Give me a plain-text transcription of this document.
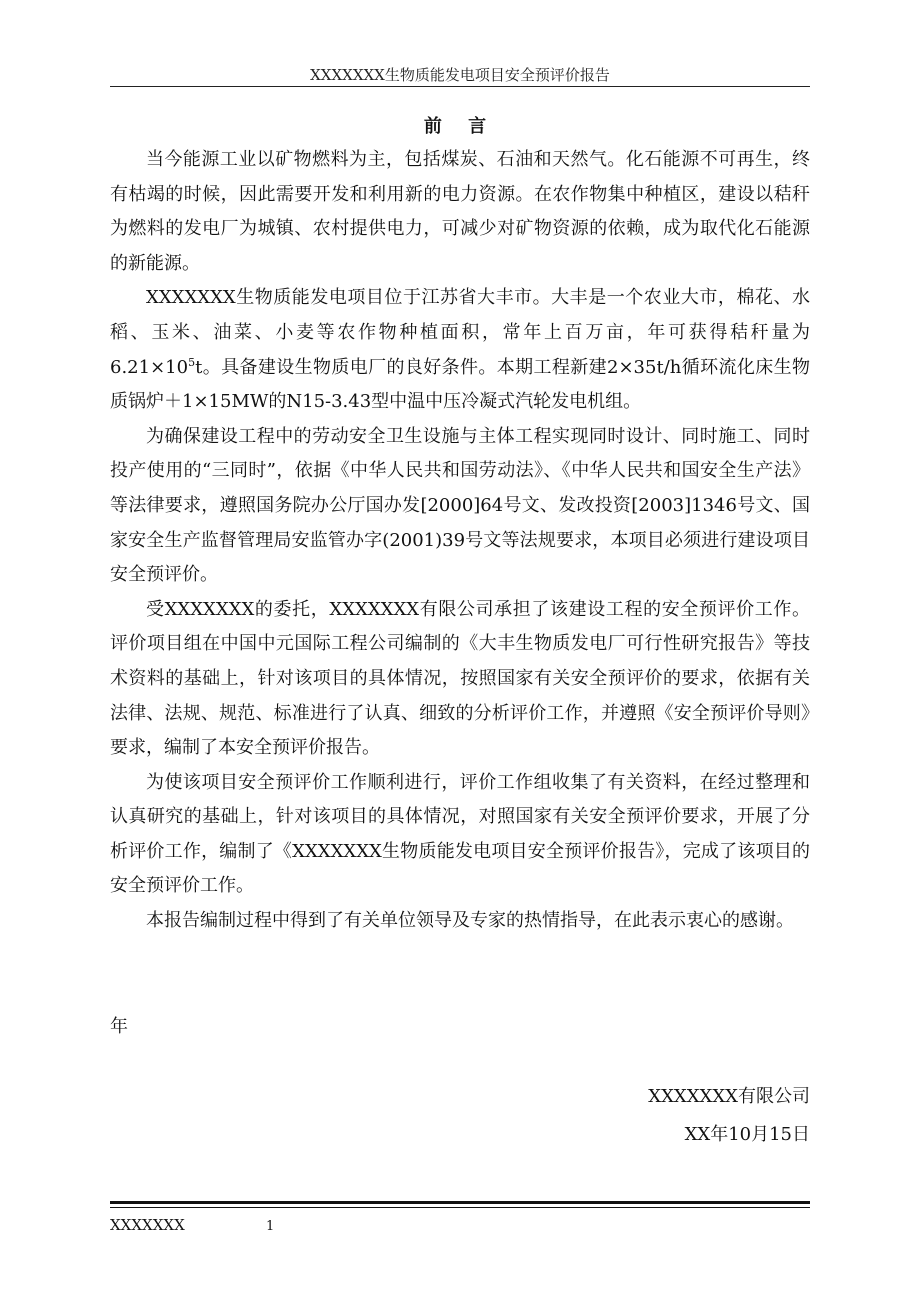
XXXXXXX生物质能发电项目安全预评价报告
前 言

当今能源工业以矿物燃料为主，包括煤炭、石油和天然气。化石能源不可再生，终有枯竭的时候，因此需要开发和利用新的电力资源。在农作物集中种植区，建设以秸秆为燃料的发电厂为城镇、农村提供电力，可减少对矿物资源的依赖，成为取代化石能源的新能源。

XXXXXXX生物质能发电项目位于江苏省大丰市。大丰是一个农业大市，棉花、水稻、玉米、油菜、小麦等农作物种植面积，常年上百万亩，年可获得秸秆量为$6.21\times 10^5t$。具备建设生物质电厂的良好条件。本期工程新建2×35t/h循环流化床生物质锅炉＋1×15MW的N15-3.43型中温中压冷凝式汽轮发电机组。

为确保建设工程中的劳动安全卫生设施与主体工程实现同时设计、同时施工、同时投产使用的“三同时”，依据《中华人民共和国劳动法》、《中华人民共和国安全生产法》等法律要求，遵照国务院办公厅国办发[2000]64号文、发改投资[2003]1346号文、国家安全生产监督管理局安监管办字(2001)39号文等法规要求，本项目必须进行建设项目安全预评价。

受XXXXXXX的委托，XXXXXXX有限公司承担了该建设工程的安全预评价工作。评价项目组在中国中元国际工程公司编制的《大丰生物质发电厂可行性研究报告》等技术资料的基础上，针对该项目的具体情况，按照国家有关安全预评价的要求，依据有关法律、法规、规范、标准进行了认真、细致的分析评价工作，并遵照《安全预评价导则》要求，编制了本安全预评价报告。

为使该项目安全预评价工作顺利进行，评价工作组收集了有关资料，在经过整理和认真研究的基础上，针对该项目的具体情况，对照国家有关安全预评价要求，开展了分析评价工作，编制了《XXXXXXX生物质能发电项目安全预评价报告》，完成了该项目的安全预评价工作。

本报告编制过程中得到了有关单位领导及专家的热情指导，在此表示衷心的感谢。

年
XXXXXXX有限公司
XX年10月15日
XXXXXXX	1
